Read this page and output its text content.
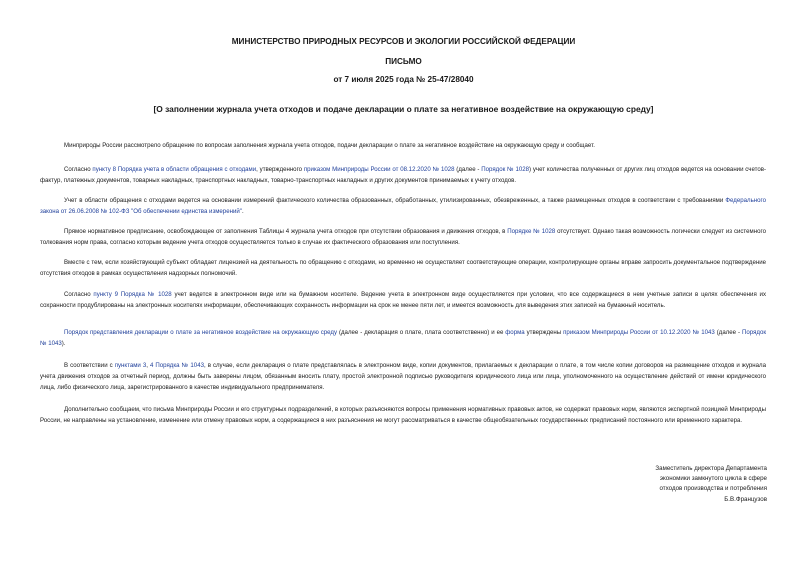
МИНИСТЕРСТВО ПРИРОДНЫХ РЕСУРСОВ И ЭКОЛОГИИ РОССИЙСКОЙ ФЕДЕРАЦИИ
ПИСЬМО
от 7 июля 2025 года № 25-47/28040
[О заполнении журнала учета отходов и подаче декларации о плате за негативное воздействие на окружающую среду]

Минприроды России рассмотрело обращение по вопросам заполнения журнала учета отходов, подачи декларации о плате за негативное воздействие на окружающую среду и сообщает.

Согласно пункту 8 Порядка учета в области обращения с отходами, утвержденного приказом Минприроды России от 08.12.2020 № 1028 (далее - Порядок № 1028) учет количества полученных от других лиц отходов ведется на основании счетов-фактур, платежных документов, товарных накладных, транспортных накладных, товарно-транспортных накладных и других документов принимаемых к учету отходов.

Учет в области обращения с отходами ведется на основании измерений фактического количества образованных, обработанных, утилизированных, обезвреженных, а также размещенных отходов в соответствии с требованиями Федерального закона от 26.06.2008 № 102-ФЗ "Об обеспечении единства измерений".

Прямое нормативное предписание, освобождающее от заполнения Таблицы 4 журнала учета отходов при отсутствии образования и движения отходов, в Порядке № 1028 отсутствует. Однако такая возможность логически следует из системного толкования норм права, согласно которым ведение учета отходов осуществляется только в случае их фактического образования или поступления.

Вместе с тем, если хозяйствующий субъект обладает лицензией на деятельность по обращению с отходами, но временно не осуществляет соответствующие операции, контролирующие органы вправе запросить документальное подтверждение отсутствия отходов в рамках осуществления надзорных полномочий.

Согласно пункту 9 Порядка № 1028 учет ведется в электронном виде или на бумажном носителе. Ведение учета в электронном виде осуществляется при условии, что все содержащиеся в нем учетные записи в целях обеспечения их сохранности продублированы на электронных носителях информации, обеспечивающих сохранность информации на срок не менее пяти лет, и имеется возможность для выведения этих записей на бумажный носитель.

Порядок представления декларации о плате за негативное воздействие на окружающую среду (далее - декларация о плате, плата соответственно) и ее форма утверждены приказом Минприроды России от 10.12.2020 № 1043 (далее - Порядок № 1043).

В соответствии с пунктами 3, 4 Порядка № 1043, в случае, если декларация о плате представлялась в электронном виде, копии документов, прилагаемых к декларации о плате, в том числе копии договоров на размещение отходов и журнала учета движения отходов за отчетный период, должны быть заверены лицом, обязанным вносить плату, простой электронной подписью руководителя юридического лица или лица, уполномоченного на осуществление действий от имени юридического лица, либо физического лица, зарегистрированного в качестве индивидуального предпринимателя.

Дополнительно сообщаем, что письма Минприроды России и его структурных подразделений, в которых разъясняются вопросы применения нормативных правовых актов, не содержат правовых норм, являются экспертной позицией Минприроды России, не направлены на установление, изменение или отмену правовых норм, а содержащиеся в них разъяснения не могут рассматриваться в качестве общеобязательных государственных предписаний постоянного или временного характера.

Заместитель директора Департамента
экономики замкнутого цикла в сфере
отходов производства и потребления
Б.В.Французов
